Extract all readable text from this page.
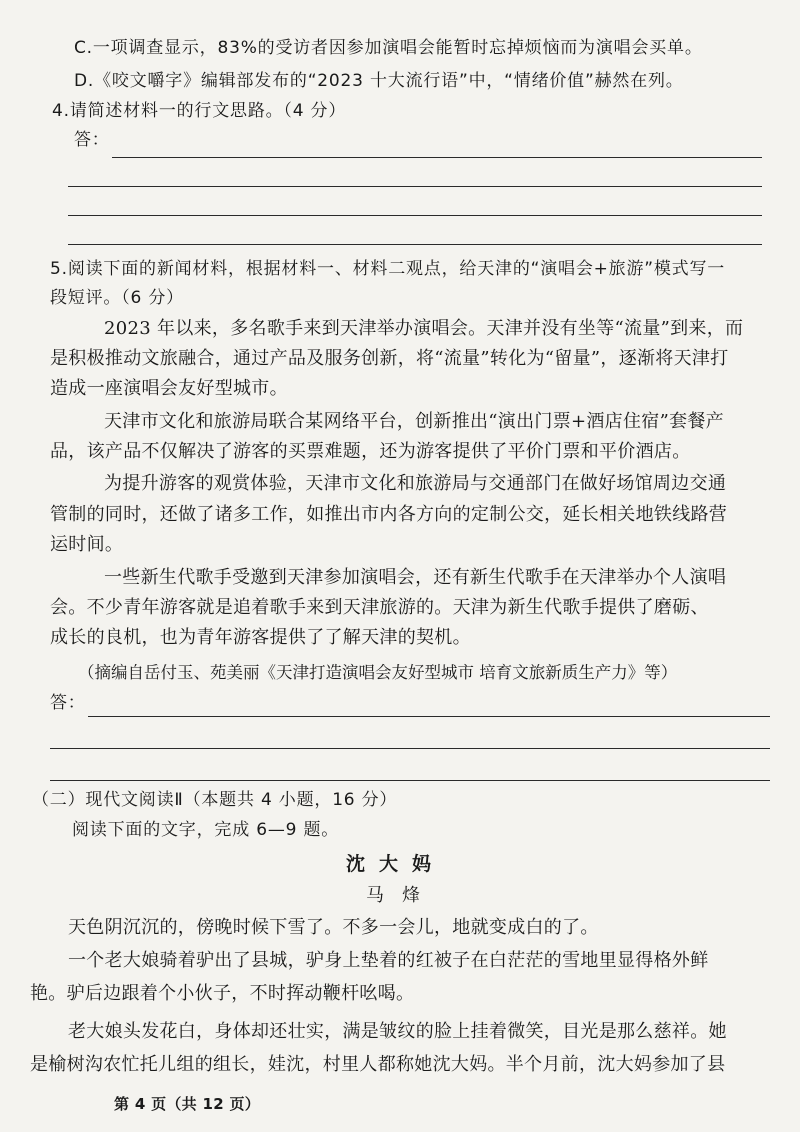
C.一项调查显示，83%的受访者因参加演唱会能暂时忘掉烦恼而为演唱会买单。
D.《咬文嚼字》编辑部发布的“2023 十大流行语”中，“情绪价值”赫然在列。
4.请简述材料一的行文思路。（4 分）
答：
5.阅读下面的新闻材料，根据材料一、材料二观点，给天津的“演唱会+旅游”模式写一
段短评。（6 分）
2023 年以来，多名歌手来到天津举办演唱会。天津并没有坐等“流量”到来，而
是积极推动文旅融合，通过产品及服务创新，将“流量”转化为“留量”，逐渐将天津打
造成一座演唱会友好型城市。
天津市文化和旅游局联合某网络平台，创新推出“演出门票+酒店住宿”套餐产
品，该产品不仅解决了游客的买票难题，还为游客提供了平价门票和平价酒店。
为提升游客的观赏体验，天津市文化和旅游局与交通部门在做好场馆周边交通
管制的同时，还做了诸多工作，如推出市内各方向的定制公交，延长相关地铁线路营
运时间。
一些新生代歌手受邀到天津参加演唱会，还有新生代歌手在天津举办个人演唱
会。不少青年游客就是追着歌手来到天津旅游的。天津为新生代歌手提供了磨砺、
成长的良机，也为青年游客提供了了解天津的契机。
（摘编自岳付玉、苑美丽《天津打造演唱会友好型城市 培育文旅新质生产力》等）
答：
（二）现代文阅读Ⅱ（本题共 4 小题，16 分）
阅读下面的文字，完成 6—9 题。
沈大妈
马烽
天色阴沉沉的，傍晚时候下雪了。不多一会儿，地就变成白的了。
一个老大娘骑着驴出了县城，驴身上垫着的红被子在白茫茫的雪地里显得格外鲜
艳。驴后边跟着个小伙子，不时挥动鞭杆吆喝。
老大娘头发花白，身体却还壮实，满是皱纹的脸上挂着微笑，目光是那么慈祥。她
是榆树沟农忙托儿组的组长，娃沈，村里人都称她沈大妈。半个月前，沈大妈参加了县
第 4 页（共 12 页）
